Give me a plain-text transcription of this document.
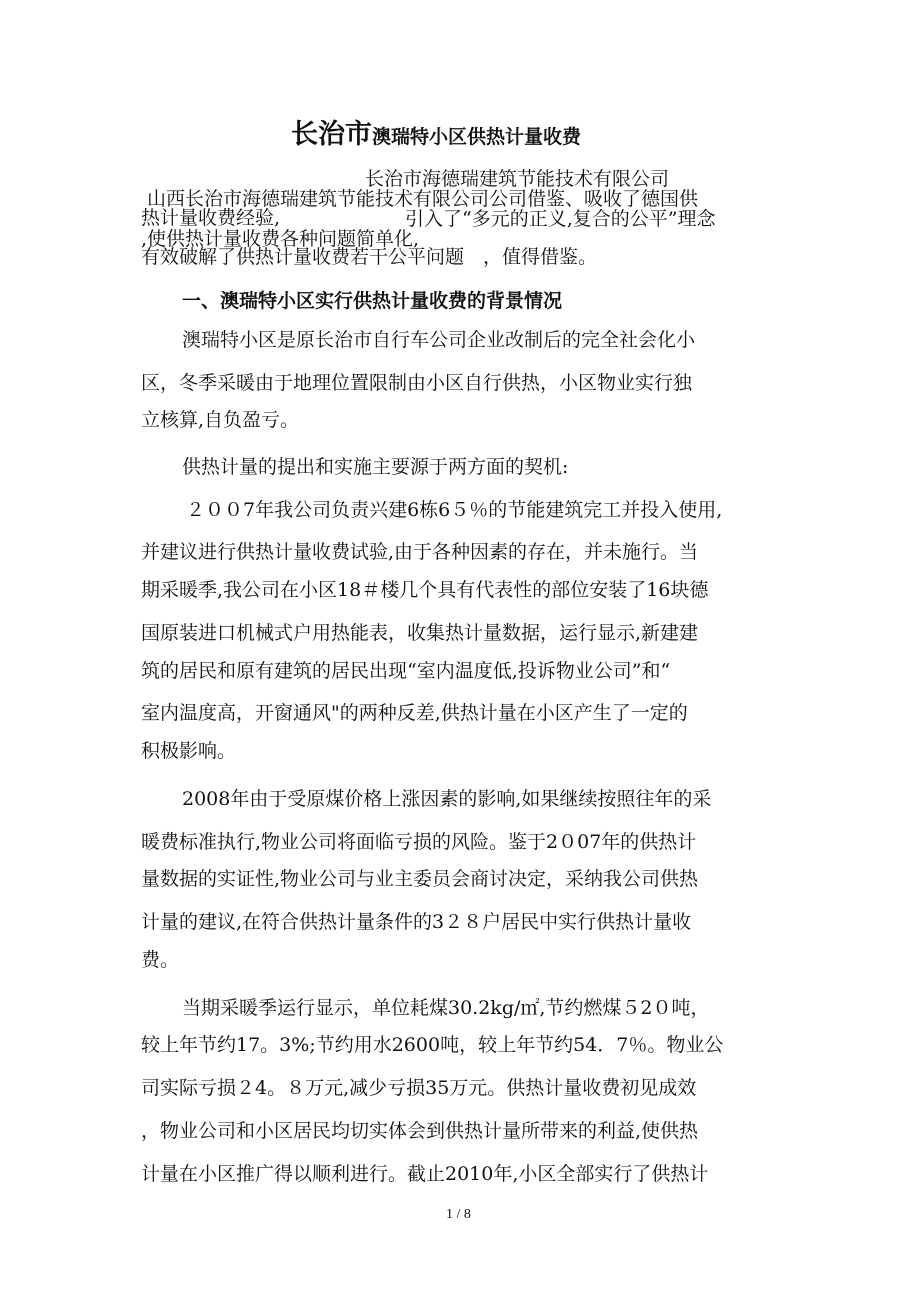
长治市澳瑞特小区供热计量收费
长治市海德瑞建筑节能技术有限公司
山西长治市海德瑞建筑节能技术有限公司公司借鉴、吸收了德国供
热计量收费经验,	引入了“多元的正义,复合的公平”理念
,使供热计量收费各种问题简单化,
有效破解了供热计量收费若干公平问题　，值得借鉴。
一、澳瑞特小区实行供热计量收费的背景情况
澳瑞特小区是原长治市自行车公司企业改制后的完全社会化小
区，冬季采暖由于地理位置限制由小区自行供热，小区物业实行独
立核算,自负盈亏。
供热计量的提出和实施主要源于两方面的契机:
２００7年我公司负责兴建6栋6５％的节能建筑完工并投入使用,
并建议进行供热计量收费试验,由于各种因素的存在，并未施行。当
期采暖季,我公司在小区18＃楼几个具有代表性的部位安装了16块德
国原装进口机械式户用热能表，收集热计量数据，运行显示,新建建
筑的居民和原有建筑的居民出现“室内温度低,投诉物业公司”和“
室内温度高，开窗通风"的两种反差,供热计量在小区产生了一定的
积极影响。
2008年由于受原煤价格上涨因素的影响,如果继续按照往年的采
暖费标准执行,物业公司将面临亏损的风险。鉴于2０07年的供热计
量数据的实证性,物业公司与业主委员会商讨决定，采纳我公司供热
计量的建议,在符合供热计量条件的3２８户居民中实行供热计量收
费。
当期采暖季运行显示，单位耗煤30.2kg/㎡,节约燃煤５2０吨，
较上年节约17。3%;节约用水2600吨，较上年节约54．7％。物业公
司实际亏损２4。８万元,减少亏损35万元。供热计量收费初见成效
，物业公司和小区居民均切实体会到供热计量所带来的利益,使供热
计量在小区推广得以顺利进行。截止2010年,小区全部实行了供热计
1 / 8
